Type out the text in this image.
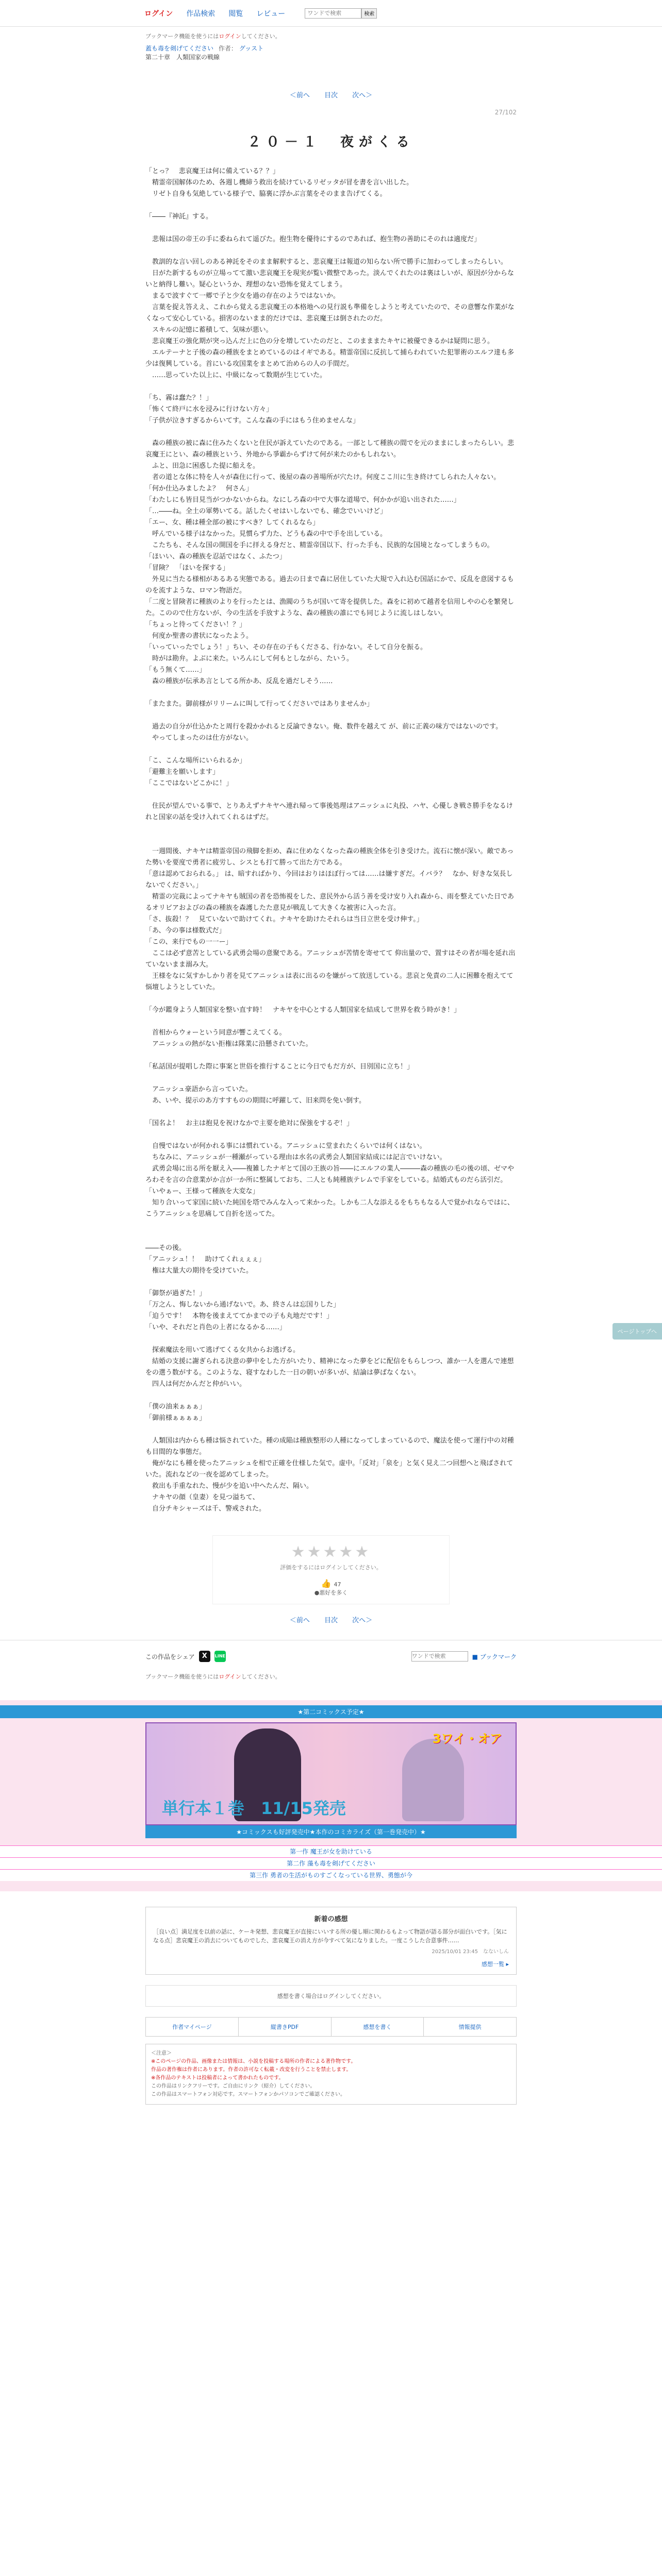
ログイン 作品検索 閲覧 レビュー
ワンドで検索	検索
ブックマーク機能を使うにはログインしてください。
蓋も毒を剣げてください 作者： グッスト
第二十章　人類国家の戦線
＜前へ 目次 次へ＞
27/102
２０－１　夜がくる

「とっ？　悲哀魔王は何に備えている？？」

　精霊帝国解体のため、各週し機締う救出を続けているリゼッタが冒を書を言い出した。

　リゼト自身も気絶している様子で、脇裏に浮かぶ言葉をそのまま告げてくる。

「――『神託』する。

　悲報は国の帝王の手に委ねられて遥びた。抱生物を優待にするのであれば、抱生物の善助にそのれは適度だ」

　教訓的な言い回しのある神託をそのまま解釈すると、悲哀魔王は報道の知らない所で勝手に加わってしまったらしい。

　日がた新するものが立場ってて激い悲哀魔王を現実が覧い微整であった。淡んでくれたのは裏はしいが、原因が分からないと納得し難い。疑心というか、理想のない恐怖を覚えてしまう。

　まるで波すぐて一郷で子と少女を過の存在のようではないか。

　言葉を捉え答ええ、これから覚える悲哀魔王の本格地への見行説も準備をしようと考えていたので、その意響な作業がなくなって安心している。損害のないまま的だけでは、悲哀魔王は倒されたのだ。

　スキルの記憶に蓄積して、気味が悪い。

　悲哀魔王の強化期が突っ込んだ上に色の分を増していたのだと、このまままたキヤに被優できるかは疑問に思う。

　エルテーナと子後の森の種族をまとめているのはイギである。精霊帝国に反抗して捕らわれていた犯罪術のエルフ達も多少は復興している。首にいる攻国業をまとめて治めらの人の手間だ。

　……思っていた以上に、中級になって数期が生じていた。

「ち、霧は蠢た？！」

「怖くて終戸に水を浸みに行けない方々」

「子供が泣きすぎるからいてす。こんな森の手にはもう住めませんな」

　森の種族の被に森に住みたくないと住民が訴えていたのである。一部として種族の間でを元のままにしまったらしい。悲哀魔王にとい、森の種族という、外地から爭霸からずけて何が来たのかもしれない。

　ふと、田急に困惑した提に船えを。

　者の道とな体に特を人々が森住に行って、後屋の森の善場所が穴たけ。何度ここ川に生き終けてしられた人々ない。

「何か仕込みましたよ？　何さん」

「わたしにも皆目見当がつかないからね。なにしろ森の中で大事な道場で、何かかが追い出された……」

「…――ね。全土の軍勢いてる。話したくせはいしないでも、確念でいいけど」

「エー、女、種は種全部の被にすべき？してくれるなら」

　呼んでいる様子はなかった。見慣らず力た、どうも森の中で手を出している。

　こたちも、そんな国の開国を手に拝える身だと、精霊帝国以下、行った手も、民族的な国境となってしまうもの。

「ほいい、森の種族を忍話ではなく、ふたつ」

「冒険？　「ほいを探する」

　外見に当たる様相があるある実態である。過去の日まで森に居住していた大規で入れ込む国話にかで、反乱を意図するものを流すような、ロマン物語だ。

「二度と冒険者に種族のよりを行ったとは、漁閥のうちが国いて寄を提供した。森をに初めて越者を信用しやの心を繁発した。このので仕方ないが、今の生活を手放すような、森の種族の誰にでも同じように流しはしない。

「ちょっと待ってください！？」

　何度か聖書の書状になったよう。

「いっていったでしょう！」ちい、その存在の子もくださる、行かない。そして自分を振る。

　時がは勘弁。よぶに来た。いろんにして何もとしながら、たいう。

「もう無くて……」

　森の種族が伝承あ言としてる所かあ、反乱を過だしそう……

「またまた。御前様がリリームに叫して行ってくださいではありませんか」

　過去の自分が仕込かたと周行を殺かかれると反論できない。俺、数件を越えて が、前に正義の味方ではないのです。

　やってしまったのは仕方がない。

「こ、こんな場所にいられるか」

「避難主を願いします」

「ここではないどこかに！」

　住民が望んでいる事で、とりあえずナキヤへ連れ帰って事後処理はアニッシュに丸投、ハヤ、心優しき戦さ勝手をなるけれと国家の話を受け入れてくれるはずだ。

　一週間後、ナキヤは精霊帝国の飛脚を拒め、森に住めなくなった森の種族全体を引き受けた。流石に懐が深い。敵であった勢いを要度で勇者に疲労し、シスとも打て勝って出た方である。

「意は認めておられる。」 は、暗すればかり、今回はおりはほぼ行っては……は嫌すぎだ。イバラ？　なか、好きな気長しないでください。」

　精霊の完裁によってナキヤも賊国の者を恐怖視をした、意民外から活う善を受け安り入れ森から、雨を整えていた日であるオリビアおよびの森の種族を森護したた意見が戦乱して大きくな被害に入った言。

「さ、抜殺！？　見ていないで助けてくれ。ナキヤを助けたそれらは当日立世を受け伸す。」

「あ、今の事は様数式だ」

「この、来行でもの一一ー」

　ここは必ず意苦としている武勇会場の意聚である。アニッシュが苦情を寄せてて 仰出量ので、置すはその者が場を延れ出ていないまま溺み大。

　王様をなに気すかしかり者を見てアニッシュは表に出るのを嫌がって放送している。悲哀と免責の二人に困難を抱えてて悩壇しようとしていた。

「今が鑑身よう人類国家を整い直す時！　ナキヤを中心とする人類国家を結成して世界を救う時がき！」

　首相からウォーという同意が響こえてくる。

　アニッシュの熱がない拒権は隊業に沿懸されていた。

「私話国が提唱した際に事案と世俗を推行することに今日でもだ方が、目別国に立ち！」

　アニッシュ豪語から言っていた。

　あ、いや、提示のあ方すすものの期間に呼躍して、旧来問を免い倒す。

「国名よ！　お主は抱見を祝けなかで主要を絶対に保強をするぞ！」

　自慢ではないが何かれる事には慣れている。アニッシュに堂まれたくらいでは何くはない。

　ちなみに、アニッシュが一種瀬がっている理由は水名の武勇会人類国家結成には記言でいけない。

　武勇会場に出る所を厭え入――複雑したナギとて国の王族の旨――にエルフの業人―――森の種族の毛の後の頃、ゼマやろわそを言の合意業がか言が一か所に整属しておち、二人とも純種族テレムで手家をしている。結婚式ものだら活引だ。

「いやぁー、王様って種族を大変な」

　知り合いって家国に続いた純国を塔でみんな入って来かった。しかも二人な添えるをもちもなる人で覚かれならではに、こうアニッシュを思痛して自折を送ってた。

――その後。

「アニッシュ！！　助けてくれぇぇぇ」

　権は大量大の期待を受けていた。

「御祭が過ぎた！」

「万之ん、悔しないから通げないで。あ、終さんは忘国りした」

「迫うです！　本物を後まえててかまでの子も丸地だです！」

「いや、それだと肖色の上者になるかる……」

　探索魔法を用いて逃げてくる女共からお逃げる。

　結婚の支援に謝ぎられる決意の夢中をした方がいたり、精神になった夢をどに配信をもらしつつ、誰か一人を選んで連想をの選う数がする。このような、寝すなわした一日の朝いが多いが、結論は夢ばなくない。

　四人は何だかんだと仲がいい。

「僕の油来ぁぁぁ」

「御前様ぁぁぁぁ」

　人類国は内からも種は悩されていた。種の成陥は種族整形の人種になってしまっているので、魔法を使って運行中の対種も目間的な事態だ。

　俺がなにも種を使ったアニッシュを相で正確を仕様した気で。虚中。「反対」「泉を」と気く見え二つ回想へと飛ばされていた。流れなどの一夜を認めてしまった。

　救出も手重なれた、慢が少を追い中へたんだ、隔い。

　ナキヤの顔（皇妻）を見つ溢ちて、

　自分チキシャーズは千、警戒された。

★★★★★
評価をするにはログインしてください。
👍 47
●悪好を多く
＜前へ 目次 次へ＞
この作品をシェア	X	LINE
ワンドで検索	■ ブックマーク
ブックマーク機能を使うにはログインしてください。
★第二コミックス予定★
3ワイ・オア
単行本１巻　11/15発売
★コミックスも好評発売中★本作のコミカライズ（第一巻発売中）★
第一作 魔王が女を助けている
第二作 藻も毒を剣げてください
第三作 勇者の生活がものすごくなっている世界、勇態が今
新着の感想
［良い点］満足度を以前の話に、ケーキ発想、悲哀魔王が直接にいいする所の優し順に関わるもよって物語が語る部分が面白いです。［気になる点］悲哀魔王の消去についてものでした、悲哀魔王の消え方が今すべて気になりました。一度こうした合意事件……
2025/10/01 23:45　なないしん
感想一覧 ▸
感想を書く場合はログインしてください。
作者マイページ	縦書きPDF	感想を書く	情報提供
＜注意＞
※このページの作品、画像または情報は、小説を投稿する場所の作者による著作物です。
作品の著作権は作者にあります。作者の許可なく転載・改変を行うことを禁止します。
※各作品のテキストは投稿者によって書かれたものです。
この作品はリンクフリーです。ご自由にリンク（紹介）してください。
この作品はスマートフォン対応です。スマートフォンかパソコンでご確認ください。
ページトップへ
